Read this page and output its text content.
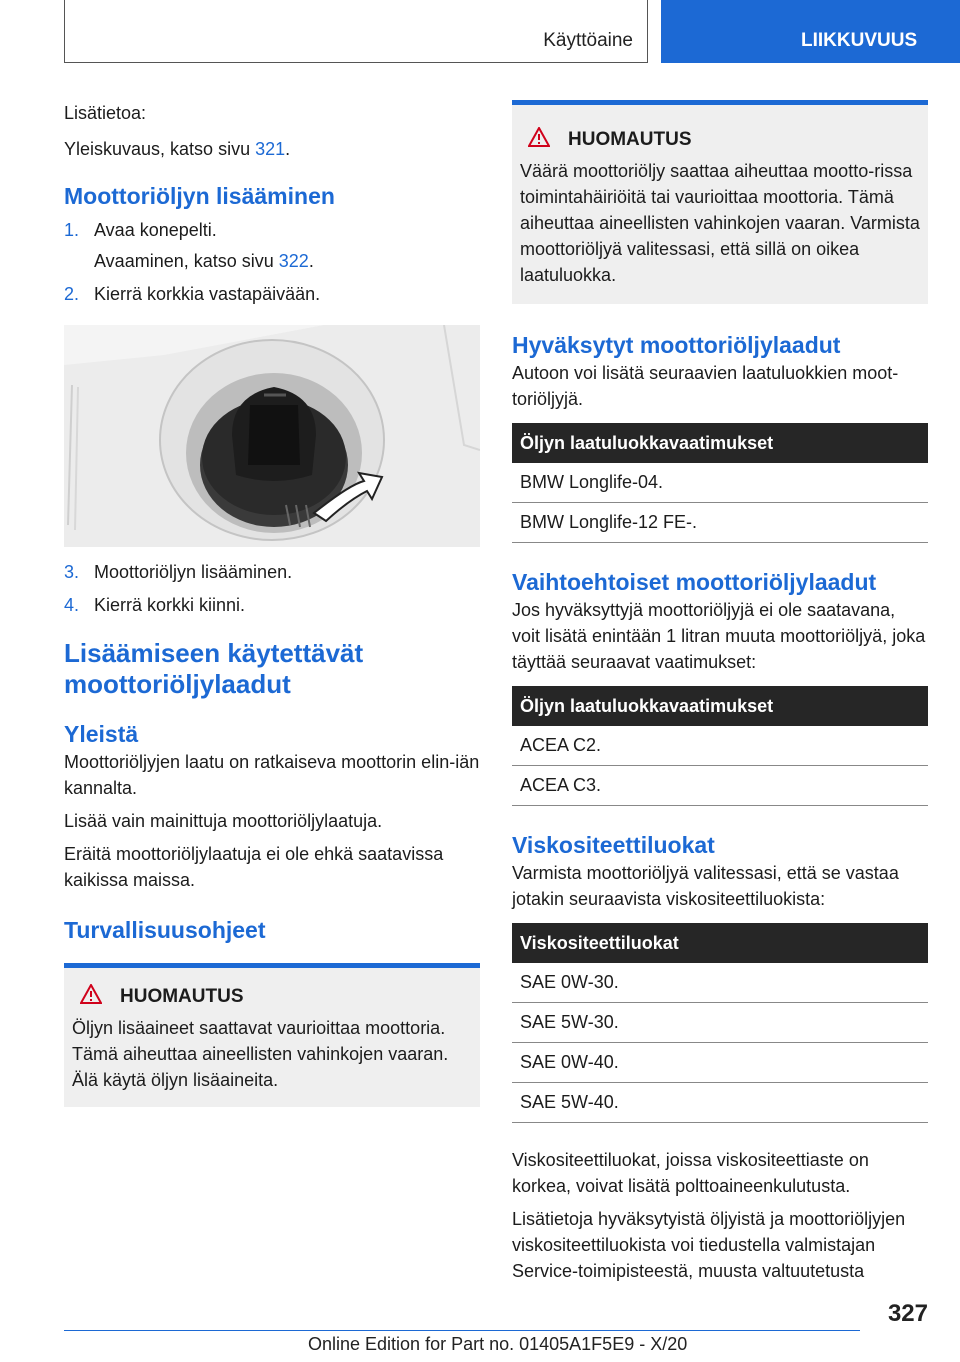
Käyttöaine	LIIKKUVUUS

Lisätietoa:

Yleiskuvaus, katso sivu 321.

Moottoriöljyn lisääminen
1. Avaa konepelti.
Avaaminen, katso sivu 322.
2. Kierrä korkkia vastapäivään.
3. Moottoriöljyn lisääminen.
4. Kierrä korkki kiinni.
Lisäämiseen käytettävät
moottoriöljylaadut
Yleistä

Moottoriöljyjen laatu on ratkaiseva moottorin elin-iän kannalta.

Lisää vain mainittuja moottoriöljylaatuja.

Eräitä moottoriöljylaatuja ei ole ehkä saatavissa kaikissa maissa.

Turvallisuusohjeet
HUOMAUTUS

Öljyn lisäaineet saattavat vaurioittaa moottoria. Tämä aiheuttaa aineellisten vahinkojen vaaran. Älä käytä öljyn lisäaineita.

HUOMAUTUS

Väärä moottoriöljy saattaa aiheuttaa mootto-rissa toimintahäiriöitä tai vaurioittaa moottoria. Tämä aiheuttaa aineellisten vahinkojen vaaran. Varmista moottoriöljyä valitessasi, että sillä on oikea laatuluokka.

Hyväksytyt moottoriöljylaadut

Autoon voi lisätä seuraavien laatuluokkien moot-toriöljyjä.

Öljyn laatuluokkavaatimukset
BMW Longlife-04.
BMW Longlife-12 FE-.
Vaihtoehtoiset moottoriöljylaadut

Jos hyväksyttyjä moottoriöljyjä ei ole saatavana, voit lisätä enintään 1 litran muuta moottoriöljyä, joka täyttää seuraavat vaatimukset:

Öljyn laatuluokkavaatimukset
ACEA C2.
ACEA C3.
Viskositeettiluokat

Varmista moottoriöljyä valitessasi, että se vastaa jotakin seuraavista viskositeettiluokista:

Viskositeettiluokat
SAE 0W-30.
SAE 5W-30.
SAE 0W-40.
SAE 5W-40.

Viskositeettiluokat, joissa viskositeettiaste on korkea, voivat lisätä polttoaineenkulutusta.

Lisätietoja hyväksytyistä öljyistä ja moottoriöljyjen viskositeettiluokista voi tiedustella valmistajan Service-toimipisteestä, muusta valtuutetusta

327
Online Edition for Part no. 01405A1F5E9 - X/20
